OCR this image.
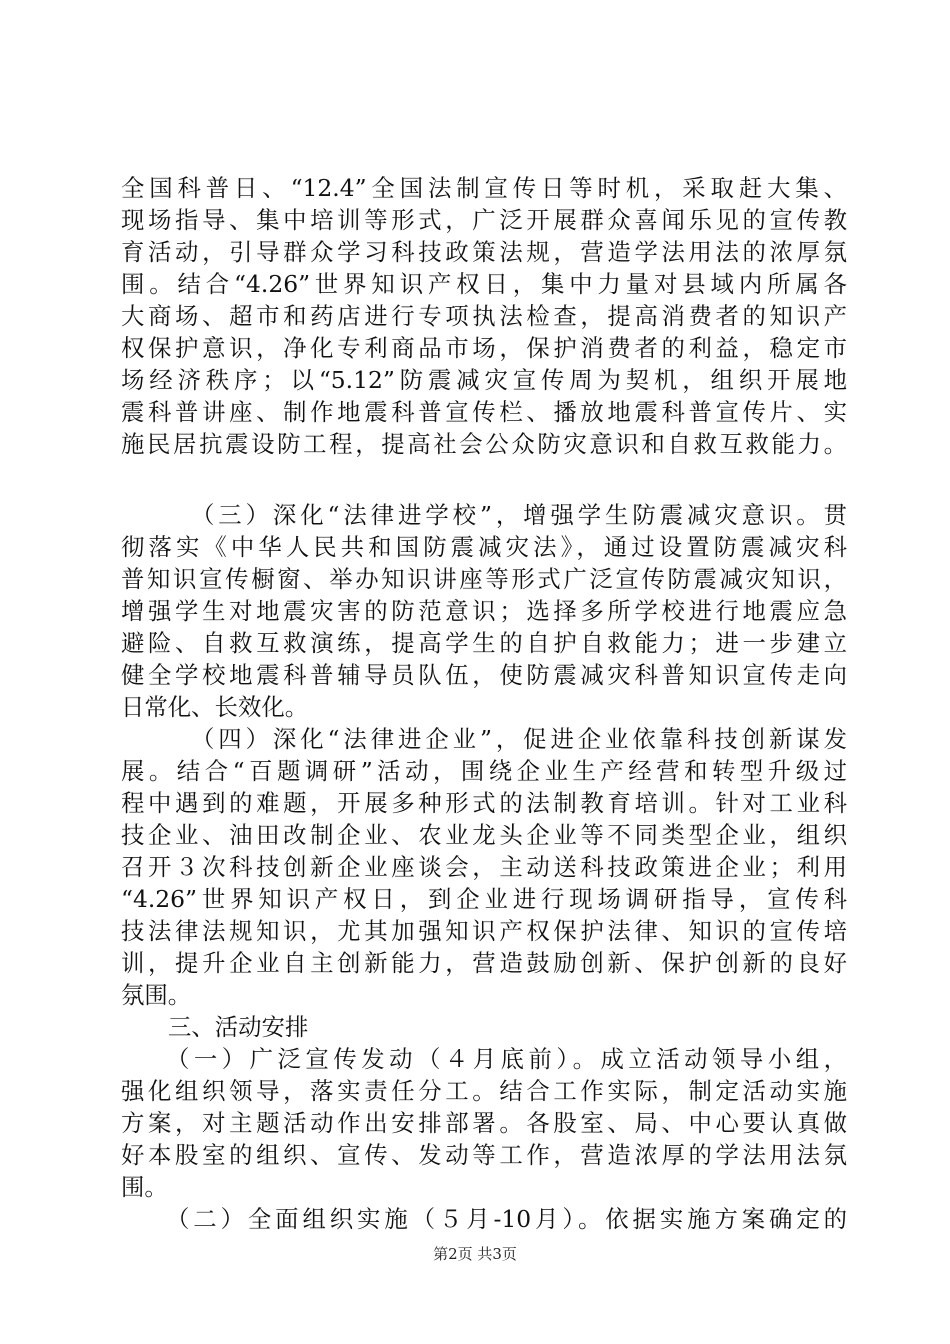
全国科普日、“12.4”全国法制宣传日等时机，采取赶大集、
现场指导、集中培训等形式，广泛开展群众喜闻乐见的宣传教
育活动，引导群众学习科技政策法规，营造学法用法的浓厚氛
围。结合“4.26”世界知识产权日，集中力量对县域内所属各
大商场、超市和药店进行专项执法检查，提高消费者的知识产
权保护意识，净化专利商品市场，保护消费者的利益，稳定市
场经济秩序；以“5.12”防震减灾宣传周为契机，组织开展地
震科普讲座、制作地震科普宣传栏、播放地震科普宣传片、实
施民居抗震设防工程，提高社会公众防灾意识和自救互救能力。
（三）深化“法律进学校”，增强学生防震减灾意识。贯
彻落实《中华人民共和国防震减灾法》，通过设置防震减灾科
普知识宣传橱窗、举办知识讲座等形式广泛宣传防震减灾知识，
增强学生对地震灾害的防范意识；选择多所学校进行地震应急
避险、自救互救演练，提高学生的自护自救能力；进一步建立
健全学校地震科普辅导员队伍，使防震减灾科普知识宣传走向
日常化、长效化。
（四）深化“法律进企业”，促进企业依靠科技创新谋发
展。结合“百题调研”活动，围绕企业生产经营和转型升级过
程中遇到的难题，开展多种形式的法制教育培训。针对工业科
技企业、油田改制企业、农业龙头企业等不同类型企业，组织
召开３次科技创新企业座谈会，主动送科技政策进企业；利用
“4.26”世界知识产权日，到企业进行现场调研指导，宣传科
技法律法规知识，尤其加强知识产权保护法律、知识的宣传培
训，提升企业自主创新能力，营造鼓励创新、保护创新的良好
氛围。
三、活动安排
（一）广泛宣传发动（４月底前）。成立活动领导小组，
强化组织领导，落实责任分工。结合工作实际，制定活动实施
方案，对主题活动作出安排部署。各股室、局、中心要认真做
好本股室的组织、宣传、发动等工作，营造浓厚的学法用法氛
围。
（二）全面组织实施（５月-10月）。依据实施方案确定的
第2页 共3页
